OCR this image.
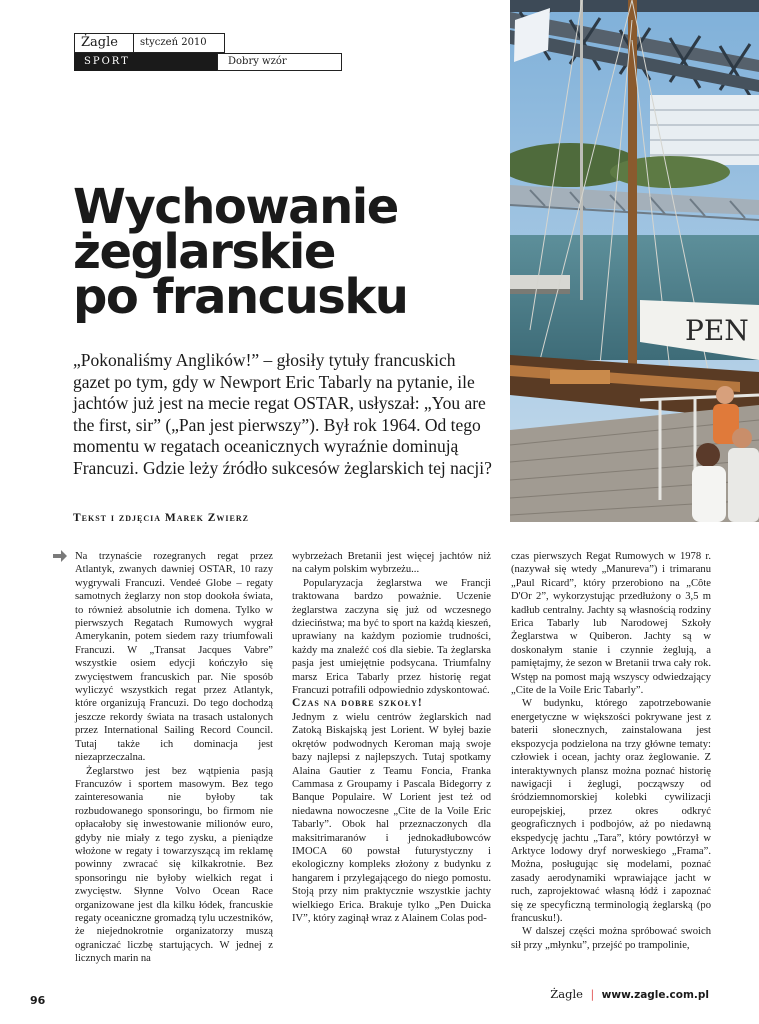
Żagle	styczeń 2010
SPORT	Dobry wzór
Wychowanie
żeglarskie
po francusku

„Pokonaliśmy Anglików!” – głosiły tytuły francuskich gazet po tym, gdy w Newport Eric Tabarly na pytanie, ile jachtów już jest na mecie regat OSTAR, usłyszał: „You are the first, sir” („Pan jest pierwszy”). Był rok 1964. Od tego momentu w regatach oceanicznych wyraźnie dominują Francuzi. Gdzie leży źródło sukcesów żeglarskich tej nacji?

Tekst i zdjęcia Marek Zwierz
PEN

Na trzynaście rozegranych regat przez Atlantyk, zwanych dawniej OSTAR, 10 razy wygrywali Francuzi. Vendeé Globe – regaty samotnych żeglarzy non stop dookoła świata, to również absolutnie ich domena. Tylko w pierwszych Regatach Rumowych wygrał Amerykanin, potem siedem razy triumfowali Francuzi. W „Transat Jacques Vabre” wszystkie osiem edycji kończyło się zwycięstwem francuskich par. Nie sposób wyliczyć wszystkich regat przez Atlantyk, które organizują Francuzi. Do tego dochodzą jeszcze rekordy świata na trasach ustalonych przez International Sailing Record Council. Tutaj także ich dominacja jest niezaprzeczalna.

Żeglarstwo jest bez wątpienia pasją Francuzów i sportem masowym. Bez tego zainteresowania nie byłoby tak rozbudowanego sponsoringu, bo firmom nie opłacałoby się inwestowanie milionów euro, gdyby nie miały z tego zysku, a pieniądze włożone w regaty i towarzyszącą im reklamę powinny zwracać się kilkakrotnie. Bez sponsoringu nie byłoby wielkich regat i zwycięstw. Słynne Volvo Ocean Race organizowane jest dla kilku łódek, francuskie regaty oceaniczne gromadzą tylu uczestników, że niejednokrotnie organizatorzy muszą ograniczać liczbę startujących. W jednej z licznych marin na

wybrzeżach Bretanii jest więcej jachtów niż na całym polskim wybrzeżu...

Popularyzacja żeglarstwa we Francji traktowana bardzo poważnie. Uczenie żeglarstwa zaczyna się już od wczesnego dzieciństwa; ma być to sport na każdą kieszeń, uprawiany na każdym poziomie trudności, każdy ma znaleźć coś dla siebie. Ta żeglarska pasja jest umiejętnie podsycana. Triumfalny marsz Erica Tabarly przez historię regat Francuzi potrafili odpowiednio zdyskontować.

Czas na dobre szkoły!

Jednym z wielu centrów żeglarskich nad Zatoką Biskajską jest Lorient. W byłej bazie okrętów podwodnych Keroman mają swoje bazy najlepsi z najlepszych. Tutaj spotkamy Alaina Gautier z Teamu Foncia, Franka Cammasa z Groupamy i Pascala Bidegorry z Banque Populaire. W Lorient jest też od niedawna nowoczesne „Cite de la Voile Eric Tabarly”. Obok hal przeznaczonych dla maksitrimaranów i jednokadłubowców IMOCA 60 powstał futurystyczny i ekologiczny kompleks złożony z budynku z hangarem i przylegającego do niego pomostu. Stoją przy nim praktycznie wszystkie jachty wielkiego Erica. Brakuje tylko „Pen Duicka IV”, który zaginął wraz z Alainem Colas pod-

czas pierwszych Regat Rumowych w 1978 r. (nazywał się wtedy „Manureva”) i trimaranu „Paul Ricard”, który przerobiono na „Côte D'Or 2”, wykorzystując przedłużony o 3,5 m kadłub centralny. Jachty są własnością rodziny Erica Tabarly lub Narodowej Szkoły Żeglarstwa w Quiberon. Jachty są w doskonałym stanie i czynnie żeglują, a pamiętajmy, że sezon w Bretanii trwa cały rok. Wstęp na pomost mają wszyscy odwiedzający „Cite de la Voile Eric Tabarly”.

W budynku, którego zapotrzebowanie energetyczne w większości pokrywane jest z baterii słonecznych, zainstalowana jest ekspozycja podzielona na trzy główne tematy: człowiek i ocean, jachty oraz żeglowanie. Z interaktywnych plansz można poznać historię nawigacji i żeglugi, począwszy od śródziemnomorskiej kolebki cywilizacji europejskiej, przez okres odkryć geograficznych i podbojów, aż po niedawną ekspedycję jachtu „Tara”, który powtórzył w Arktyce lodowy dryf norweskiego „Frama”. Można, posługując się modelami, poznać zasady aerodynamiki wprawiające jacht w ruch, zaprojektować własną łódź i zapoznać się ze specyficzną terminologią żeglarską (po francusku!).

W dalszej części można spróbować swoich sił przy „młynku”, przejść po trampolinie,

96	Żagle | www.zagle.com.pl
